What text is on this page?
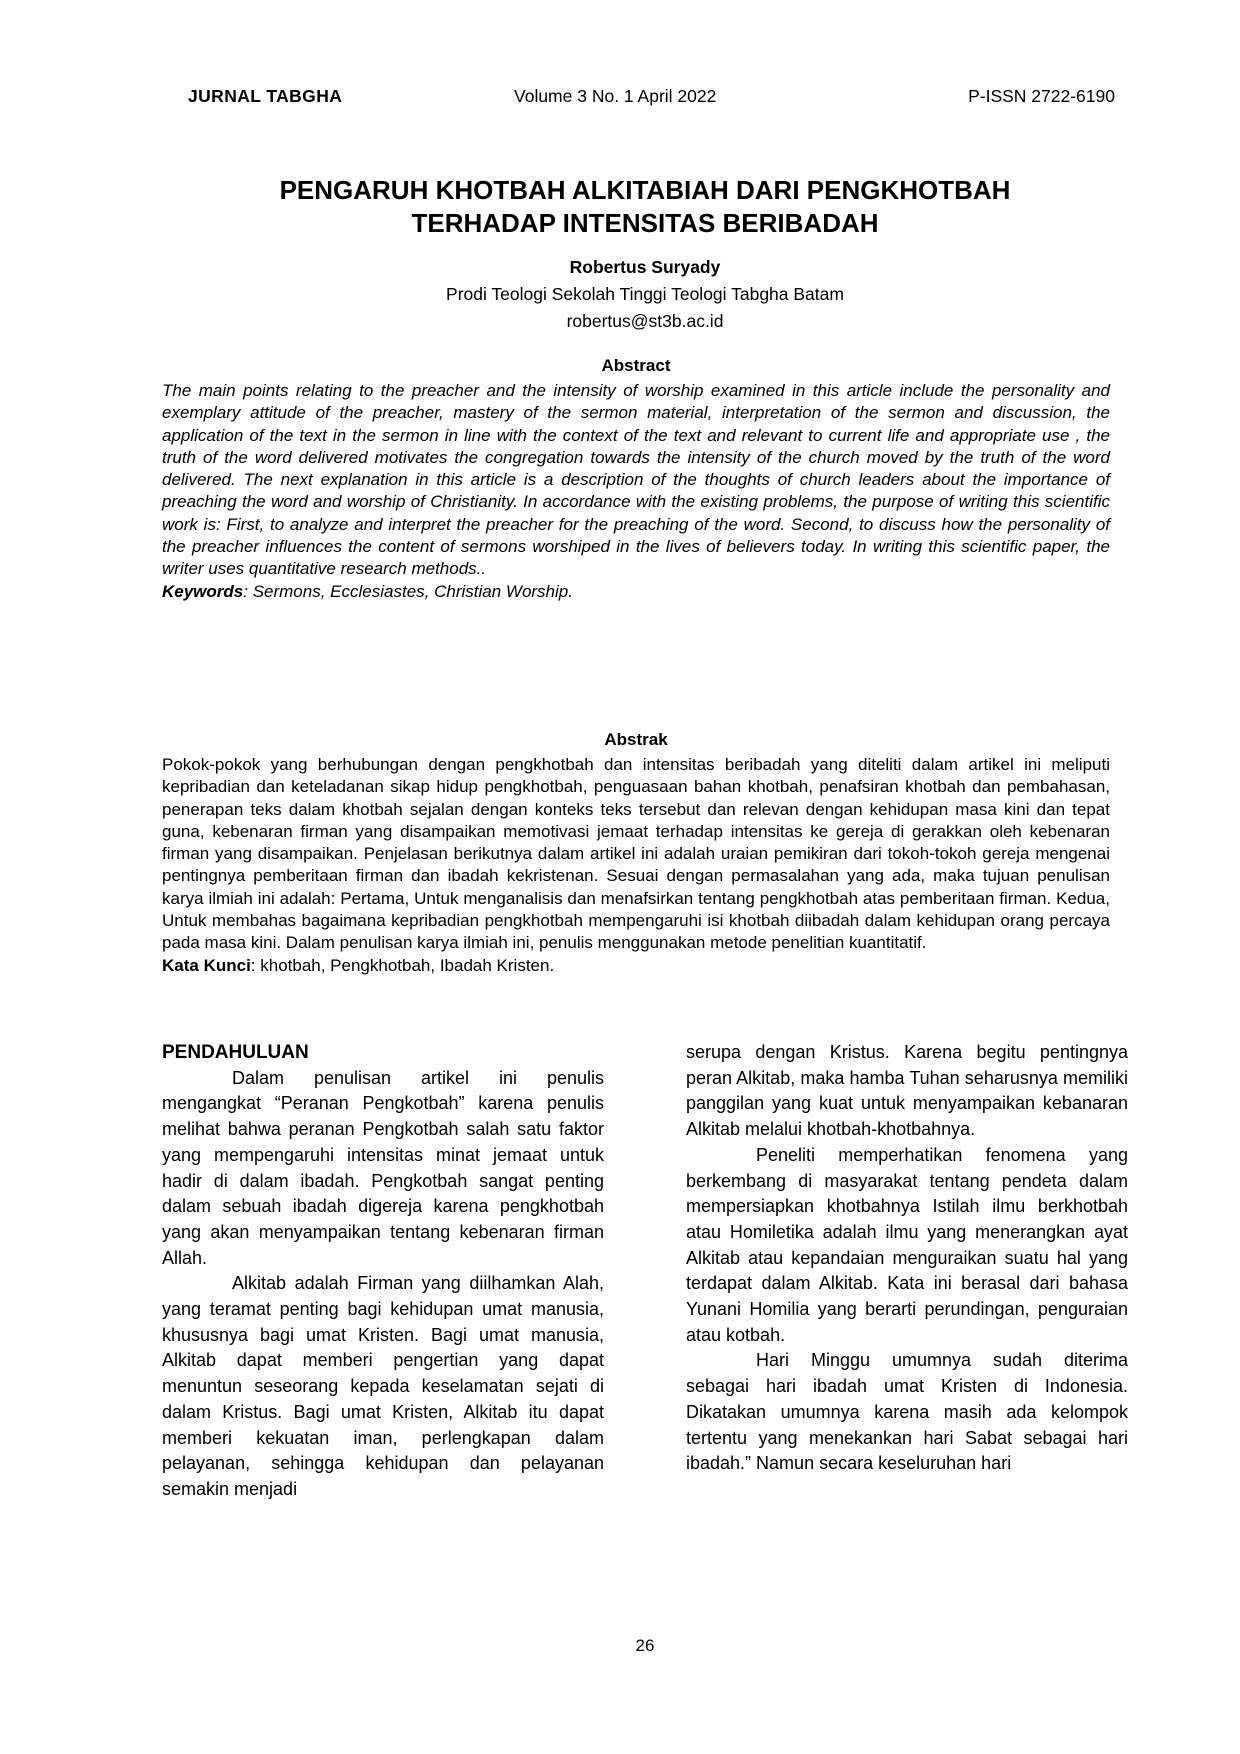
JURNAL TABGHA	Volume 3 No. 1 April 2022	P-ISSN 2722-6190
PENGARUH KHOTBAH ALKITABIAH DARI PENGKHOTBAH
TERHADAP INTENSITAS BERIBADAH
Robertus Suryady
Prodi Teologi Sekolah Tinggi Teologi Tabgha Batam
robertus@st3b.ac.id
Abstract

The main points relating to the preacher and the intensity of worship examined in this article include the personality and exemplary attitude of the preacher, mastery of the sermon material, interpretation of the sermon and discussion, the application of the text in the sermon in line with the context of the text and relevant to current life and appropriate use , the truth of the word delivered motivates the congregation towards the intensity of the church moved by the truth of the word delivered. The next explanation in this article is a description of the thoughts of church leaders about the importance of preaching the word and worship of Christianity. In accordance with the existing problems, the purpose of writing this scientific work is: First, to analyze and interpret the preacher for the preaching of the word. Second, to discuss how the personality of the preacher influences the content of sermons worshiped in the lives of believers today. In writing this scientific paper, the writer uses quantitative research methods..

Keywords: Sermons, Ecclesiastes, Christian Worship.
Abstrak

Pokok-pokok yang berhubungan dengan pengkhotbah dan intensitas beribadah yang diteliti dalam artikel ini meliputi kepribadian dan keteladanan sikap hidup pengkhotbah, penguasaan bahan khotbah, penafsiran khotbah dan pembahasan, penerapan teks dalam khotbah sejalan dengan konteks teks tersebut dan relevan dengan kehidupan masa kini dan tepat guna, kebenaran firman yang disampaikan memotivasi jemaat terhadap intensitas ke gereja di gerakkan oleh kebenaran firman yang disampaikan. Penjelasan berikutnya dalam artikel ini adalah uraian pemikiran dari tokoh-tokoh gereja mengenai pentingnya pemberitaan firman dan ibadah kekristenan. Sesuai dengan permasalahan yang ada, maka tujuan penulisan karya ilmiah ini adalah: Pertama, Untuk menganalisis dan menafsirkan tentang pengkhotbah atas pemberitaan firman. Kedua, Untuk membahas bagaimana kepribadian pengkhotbah mempengaruhi isi khotbah diibadah dalam kehidupan orang percaya pada masa kini. Dalam penulisan karya ilmiah ini, penulis menggunakan metode penelitian kuantitatif.

Kata Kunci: khotbah, Pengkhotbah, Ibadah Kristen.
PENDAHULUAN

Dalam penulisan artikel ini penulis mengangkat “Peranan Pengkotbah” karena penulis melihat bahwa peranan Pengkotbah salah satu faktor yang mempengaruhi intensitas minat jemaat untuk hadir di dalam ibadah. Pengkotbah sangat penting dalam sebuah ibadah digereja karena pengkhotbah yang akan menyampaikan tentang kebenaran firman Allah.

Alkitab adalah Firman yang diilhamkan Alah, yang teramat penting bagi kehidupan umat manusia, khususnya bagi umat Kristen. Bagi umat manusia, Alkitab dapat memberi pengertian yang dapat menuntun seseorang kepada keselamatan sejati di dalam Kristus. Bagi umat Kristen, Alkitab itu dapat memberi kekuatan iman, perlengkapan dalam pelayanan, sehingga kehidupan dan pelayanan semakin menjadi

serupa dengan Kristus. Karena begitu pentingnya peran Alkitab, maka hamba Tuhan seharusnya memiliki panggilan yang kuat untuk menyampaikan kebanaran Alkitab melalui khotbah-khotbahnya.

Peneliti memperhatikan fenomena yang berkembang di masyarakat tentang pendeta dalam mempersiapkan khotbahnya Istilah ilmu berkhotbah atau Homiletika adalah ilmu yang menerangkan ayat Alkitab atau kepandaian menguraikan suatu hal yang terdapat dalam Alkitab. Kata ini berasal dari bahasa Yunani Homilia yang berarti perundingan, penguraian atau kotbah.

Hari Minggu umumnya sudah diterima sebagai hari ibadah umat Kristen di Indonesia. Dikatakan umumnya karena masih ada kelompok tertentu yang menekankan hari Sabat sebagai hari ibadah.” Namun secara keseluruhan hari

26
